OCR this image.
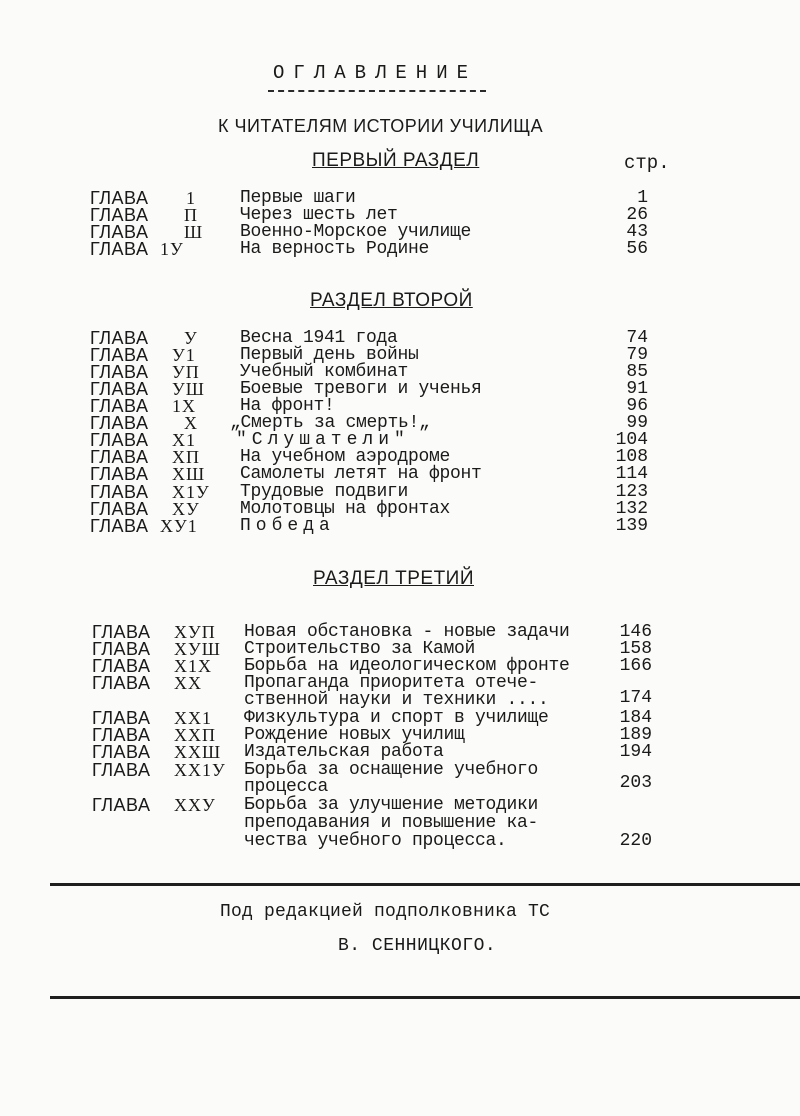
ОГЛАВЛЕНИЕ
К ЧИТАТЕЛЯМ ИСТОРИИ УЧИЛИЩА
ПЕРВЫЙ РАЗДЕЛ	стр.
ГЛАВА 1 Первые шаги	1
ГЛАВА П Через шесть лет	26
ГЛАВА Ш Военно-Морское училище	43
ГЛАВА 1У	На верность Родине	56
РАЗДЕЛ ВТОРОЙ
ГЛАВА У Весна 1941 года	74
ГЛАВА У1 Первый день войны	79
ГЛАВА УП Учебный комбинат	85
ГЛАВА УШ Боевые тревоги и ученья	91
ГЛАВА 1Х На фронт!	96
ГЛАВА Х „Смерть за смерть!„	99
ГЛАВА Х1 "Слушатели"	104
ГЛАВА ХП На учебном аэродроме	108
ГЛАВА ХШ Самолеты летят на фронт	114
ГЛАВА Х1У Трудовые подвиги	123
ГЛАВА ХУ Молотовцы на фронтах	132
ГЛАВА ХУ1 Победа	139
РАЗДЕЛ ТРЕТИЙ
ГЛАВА ХУП Новая обстановка - новые задачи	146
ГЛАВА ХУШ Строительство за Камой	158
ГЛАВА Х1Х Борьба на идеологическом фронте	166
ГЛАВА ХХ Пропаганда приоритета отече-
ственной науки и техники ....	174
ГЛАВА ХХ1 Физкультура и спорт в училище	184
ГЛАВА ХХП Рождение новых училищ	189
ГЛАВА ХХШ Издательская работа	194
ГЛАВА ХХ1У Борьба за оснащение учебного
процесса	203
ГЛАВА ХХУ Борьба за улучшение методики
преподавания и повышение ка-
чества учебного процесса.	220
Под редакцией подполковника ТС
В. СЕННИЦКОГО.
